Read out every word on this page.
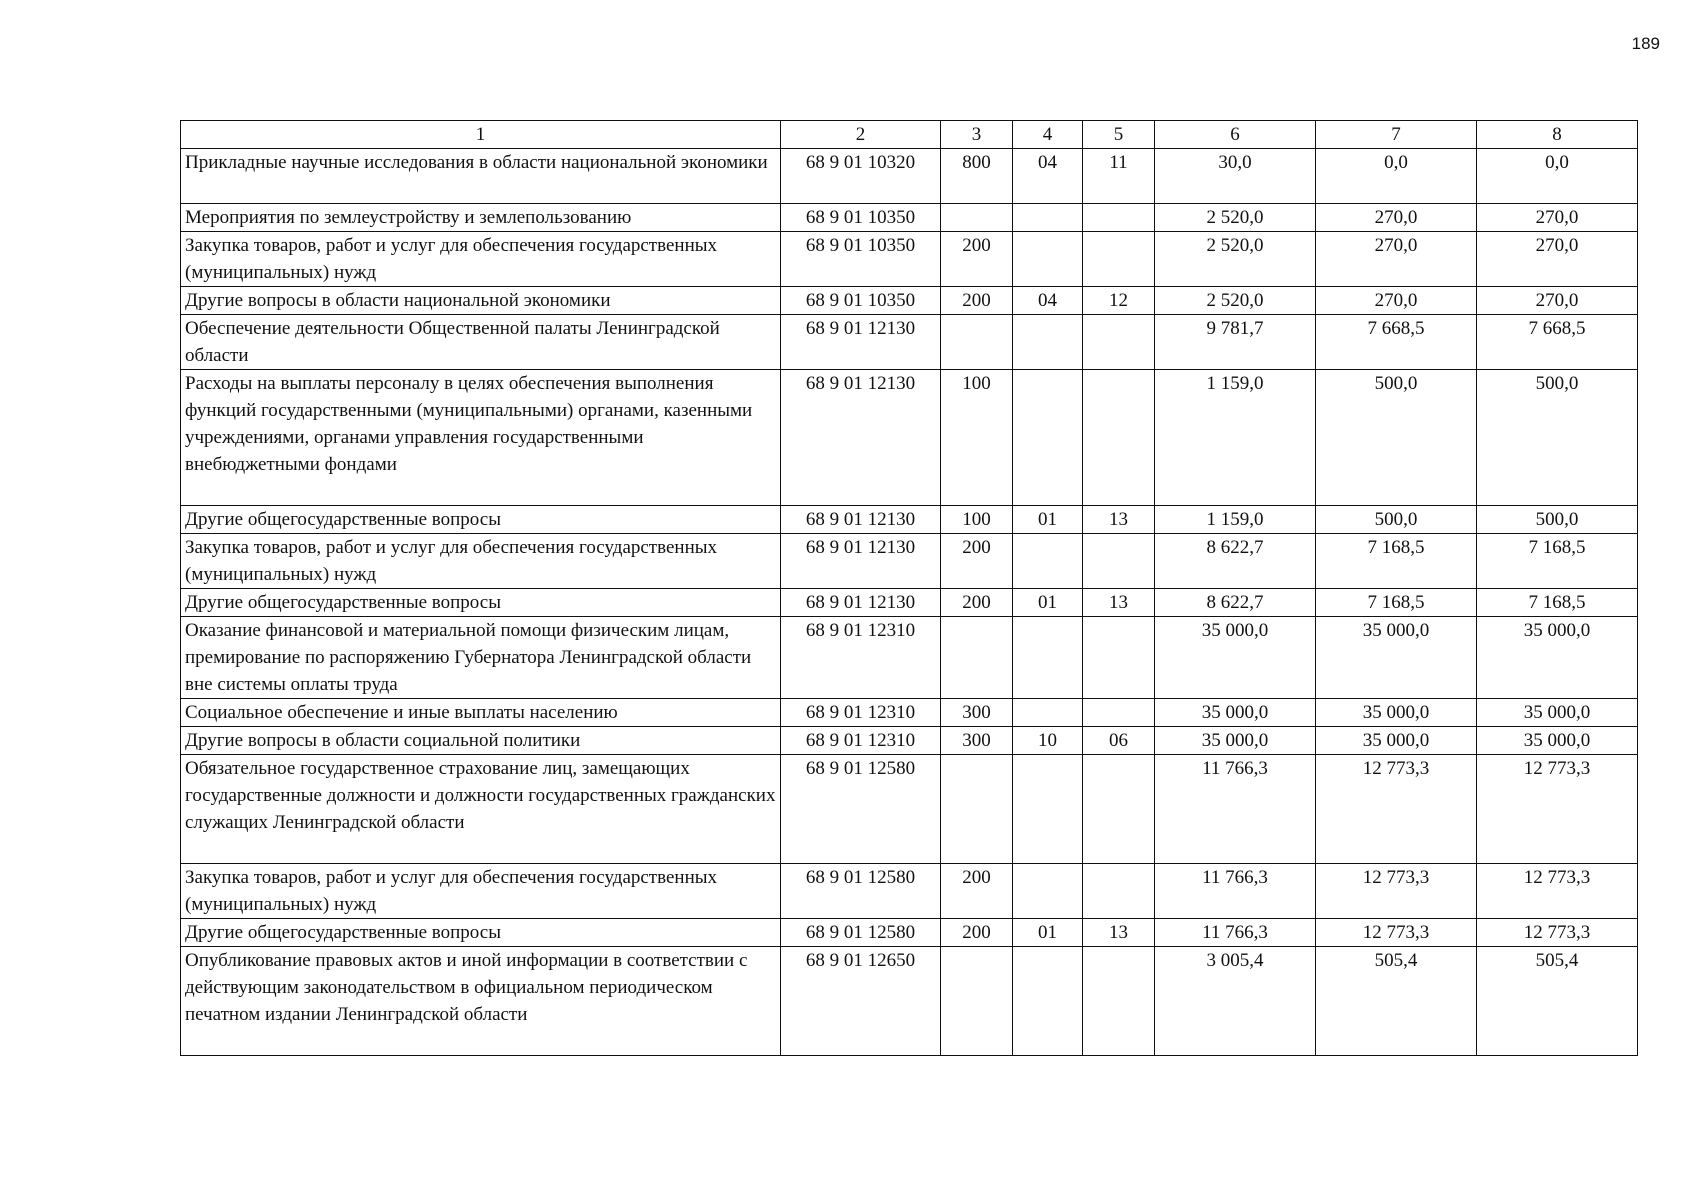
189
1	2	3	4	5	6	7	8
Прикладные научные исследования в области национальной экономики	68 9 01 10320	800	04	11	30,0	0,0	0,0
Мероприятия по землеустройству и землепользованию	68 9 01 10350				2 520,0	270,0	270,0
Закупка товаров, работ и услуг для обеспечения государственных (муниципальных) нужд	68 9 01 10350	200			2 520,0	270,0	270,0
Другие вопросы в области национальной экономики	68 9 01 10350	200	04	12	2 520,0	270,0	270,0
Обеспечение деятельности Общественной палаты Ленинградской области	68 9 01 12130				9 781,7	7 668,5	7 668,5
Расходы на выплаты персоналу в целях обеспечения выполнения функций государственными (муниципальными) органами, казенными учреждениями, органами управления государственными внебюджетными фондами	68 9 01 12130	100			1 159,0	500,0	500,0
Другие общегосударственные вопросы	68 9 01 12130	100	01	13	1 159,0	500,0	500,0
Закупка товаров, работ и услуг для обеспечения государственных (муниципальных) нужд	68 9 01 12130	200			8 622,7	7 168,5	7 168,5
Другие общегосударственные вопросы	68 9 01 12130	200	01	13	8 622,7	7 168,5	7 168,5
Оказание финансовой и материальной помощи физическим лицам, премирование по распоряжению Губернатора Ленинградской области вне системы оплаты труда	68 9 01 12310				35 000,0	35 000,0	35 000,0
Социальное обеспечение и иные выплаты населению	68 9 01 12310	300			35 000,0	35 000,0	35 000,0
Другие вопросы в области социальной политики	68 9 01 12310	300	10	06	35 000,0	35 000,0	35 000,0
Обязательное государственное страхование лиц, замещающих государственные должности и должности государственных гражданских служащих Ленинградской области	68 9 01 12580				11 766,3	12 773,3	12 773,3
Закупка товаров, работ и услуг для обеспечения государственных (муниципальных) нужд	68 9 01 12580	200			11 766,3	12 773,3	12 773,3
Другие общегосударственные вопросы	68 9 01 12580	200	01	13	11 766,3	12 773,3	12 773,3
Опубликование правовых актов и иной информации в соответствии с действующим законодательством в официальном периодическом печатном издании Ленинградской области	68 9 01 12650				3 005,4	505,4	505,4
